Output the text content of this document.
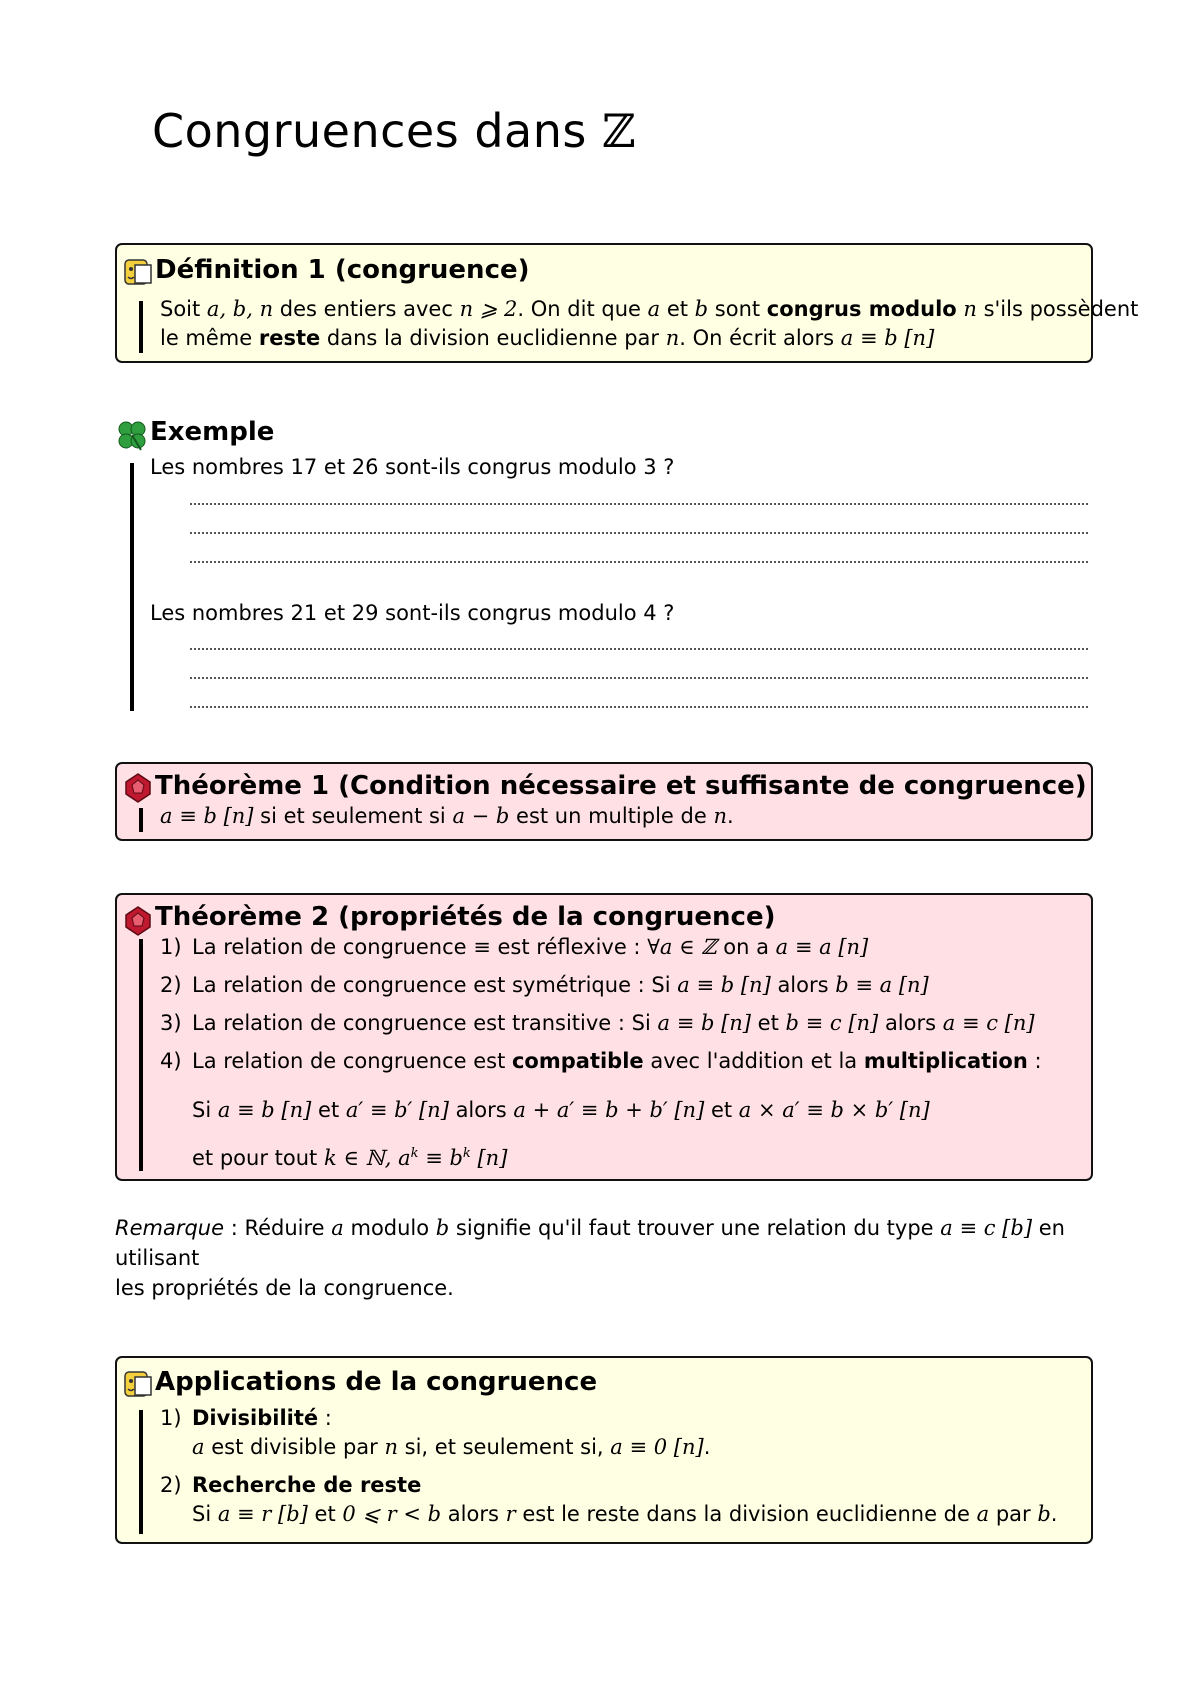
Congruences dans ℤ
Définition 1 (congruence)
Soit a, b, n des entiers avec n ⩾ 2. On dit que a et b sont congrus modulo n s'ils possèdent
le même reste dans la division euclidienne par n. On écrit alors a ≡ b [n]
Exemple
Les nombres 17 et 26 sont-ils congrus modulo 3 ?
Les nombres 21 et 29 sont-ils congrus modulo 4 ?
Théorème 1 (Condition nécessaire et suffisante de congruence)
a ≡ b [n] si et seulement si a − b est un multiple de n.
Théorème 2 (propriétés de la congruence)
1) La relation de congruence ≡ est réflexive : ∀a ∈ ℤ on a a ≡ a [n]
2) La relation de congruence est symétrique : Si a ≡ b [n] alors b ≡ a [n]
3) La relation de congruence est transitive : Si a ≡ b [n] et b ≡ c [n] alors a ≡ c [n]
4) La relation de congruence est compatible avec l'addition et la multiplication :
Si a ≡ b [n] et a′ ≡ b′ [n] alors a + a′ ≡ b + b′ [n] et a × a′ ≡ b × b′ [n]
et pour tout k ∈ ℕ, $a^k \equiv b^k$ [n]
Remarque : Réduire a modulo b signifie qu'il faut trouver une relation du type a ≡ c [b] en utilisant
les propriétés de la congruence.
Applications de la congruence
1) Divisibilité :
a est divisible par n si, et seulement si, a ≡ 0 [n].
2) Recherche de reste
Si a ≡ r [b] et 0 ⩽ r < b alors r est le reste dans la division euclidienne de a par b.
